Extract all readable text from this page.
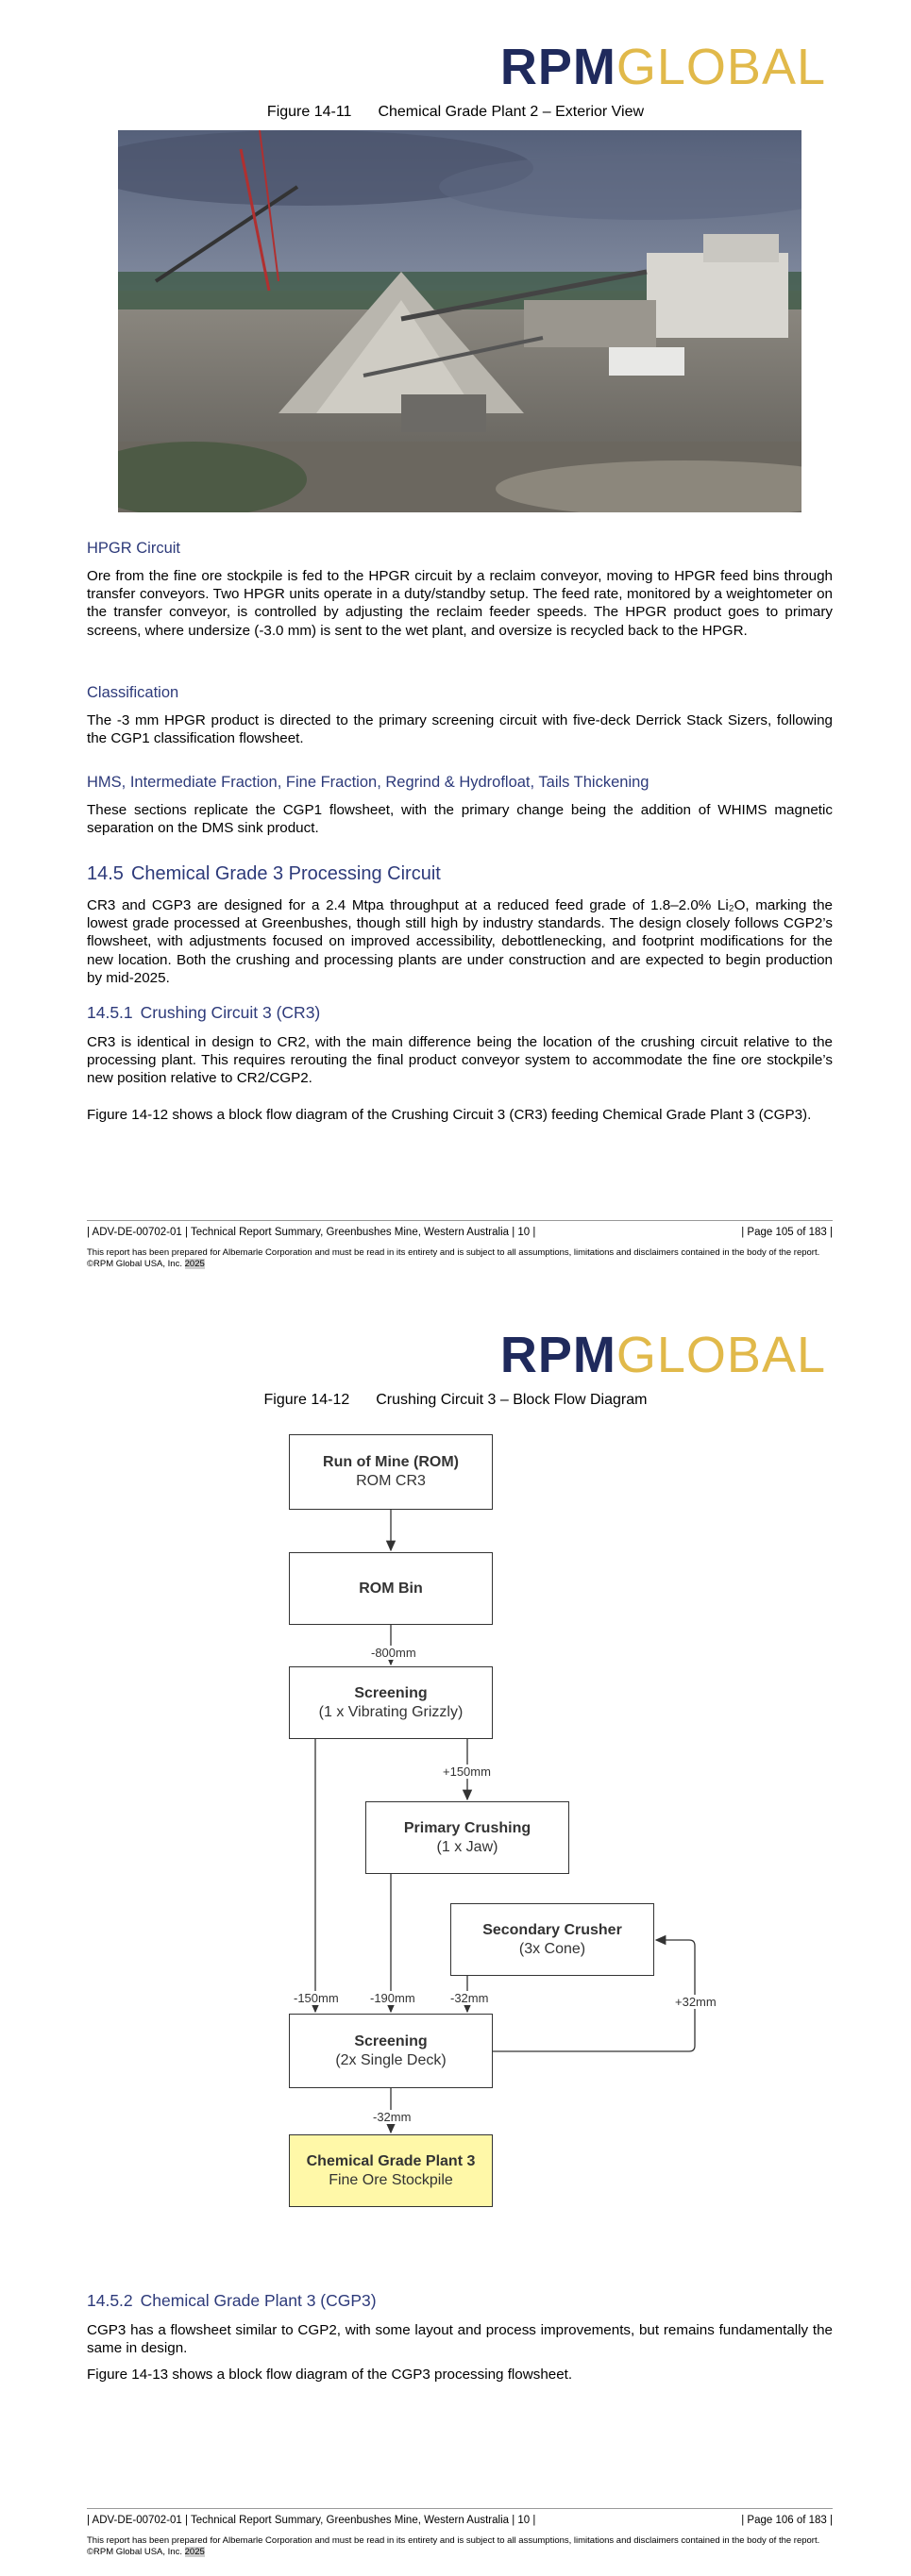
RPMGLOBAL
Figure 14-11 Chemical Grade Plant 2 – Exterior View
HPGR Circuit
Ore from the fine ore stockpile is fed to the HPGR circuit by a reclaim conveyor, moving to HPGR feed bins through transfer conveyors. Two HPGR units operate in a duty/standby setup. The feed rate, monitored by a weightometer on the transfer conveyor, is controlled by adjusting the reclaim feeder speeds. The HPGR product goes to primary screens, where undersize (-3.0 mm) is sent to the wet plant, and oversize is recycled back to the HPGR.
Classification
The -3 mm HPGR product is directed to the primary screening circuit with five-deck Derrick Stack Sizers, following the CGP1 classification flowsheet.
HMS, Intermediate Fraction, Fine Fraction, Regrind & Hydrofloat, Tails Thickening
These sections replicate the CGP1 flowsheet, with the primary change being the addition of WHIMS magnetic separation on the DMS sink product.
14.5 Chemical Grade 3 Processing Circuit
CR3 and CGP3 are designed for a 2.4 Mtpa throughput at a reduced feed grade of 1.8–2.0% Li₂O, marking the lowest grade processed at Greenbushes, though still high by industry standards. The design closely follows CGP2’s flowsheet, with adjustments focused on improved accessibility, debottlenecking, and footprint modifications for the new location. Both the crushing and processing plants are under construction and are expected to begin production by mid-2025.
14.5.1 Crushing Circuit 3 (CR3)
CR3 is identical in design to CR2, with the main difference being the location of the crushing circuit relative to the processing plant. This requires rerouting the final product conveyor system to accommodate the fine ore stockpile’s new position relative to CR2/CGP2.
Figure 14-12 shows a block flow diagram of the Crushing Circuit 3 (CR3) feeding Chemical Grade Plant 3 (CGP3).
| ADV-DE-00702-01 | Technical Report Summary, Greenbushes Mine, Western Australia | 10 |	| Page 105 of 183 |
This report has been prepared for Albemarle Corporation and must be read in its entirety and is subject to all assumptions, limitations and disclaimers contained in the body of the report. ©RPM Global USA, Inc. 2025
RPMGLOBAL
Figure 14-12 Crushing Circuit 3 – Block Flow Diagram
Run of Mine (ROM)
ROM CR3
ROM Bin
Screening
(1 x Vibrating Grizzly)
Primary Crushing
(1 x Jaw)
Secondary Crusher
(3x Cone)
Screening
(2x Single Deck)
Chemical Grade Plant 3
Fine Ore Stockpile
-800mm
+150mm
-150mm	-190mm	-32mm	+32mm
-32mm
14.5.2 Chemical Grade Plant 3 (CGP3)
CGP3 has a flowsheet similar to CGP2, with some layout and process improvements, but remains fundamentally the same in design.
Figure 14-13 shows a block flow diagram of the CGP3 processing flowsheet.
| ADV-DE-00702-01 | Technical Report Summary, Greenbushes Mine, Western Australia | 10 |	| Page 106 of 183 |
This report has been prepared for Albemarle Corporation and must be read in its entirety and is subject to all assumptions, limitations and disclaimers contained in the body of the report. ©RPM Global USA, Inc. 2025
